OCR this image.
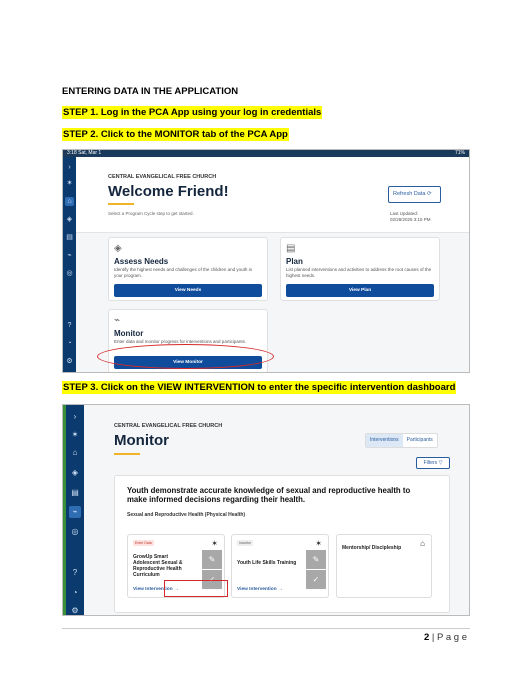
ENTERING DATA IN THE APPLICATION
STEP 1. Log in the PCA App using your log in credentials
STEP 2. Click to the MONITOR tab of the PCA App
3:18 Sat, Mar 1	71%
›
✶
⌂
◈
▤
⌁
◎
?
◔
⚙
CENTRAL EVANGELICAL FREE CHURCH
Welcome Friend!
Select a Program Cycle step to get started.
Refresh Data ⟳
Last Updated:
02/28/2025 3:15 PM
◈
Assess Needs
Identify the highest needs and challenges of the children and youth in your program.
View Needs
▤
Plan
List planned interventions and activities to address the root causes of the highest needs.
View Plan
⌁
Monitor
Enter data and monitor progress for interventions and participants.
View Monitor
STEP 3. Click on the VIEW INTERVENTION to enter the specific intervention dashboard
›
✶
⌂
◈
▤
⌁
◎
?
◔
⚙
CENTRAL EVANGELICAL FREE CHURCH
Monitor	Interventions	Participants
Filters ▽
Youth demonstrate accurate knowledge of sexual and reproductive health to make informed decisions regarding their health.
Sexual and Reproductive Health (Physical Health)
Enter Data	✶
GrowUp Smart Adolescent Sexual & Reproductive Health Curriculum
✎
✓
View Intervention →
Inactive	✶
Youth Life Skills Training	✎
✓
View Intervention →
Mentorship/ Discipleship ⌂
2 | P a g e
